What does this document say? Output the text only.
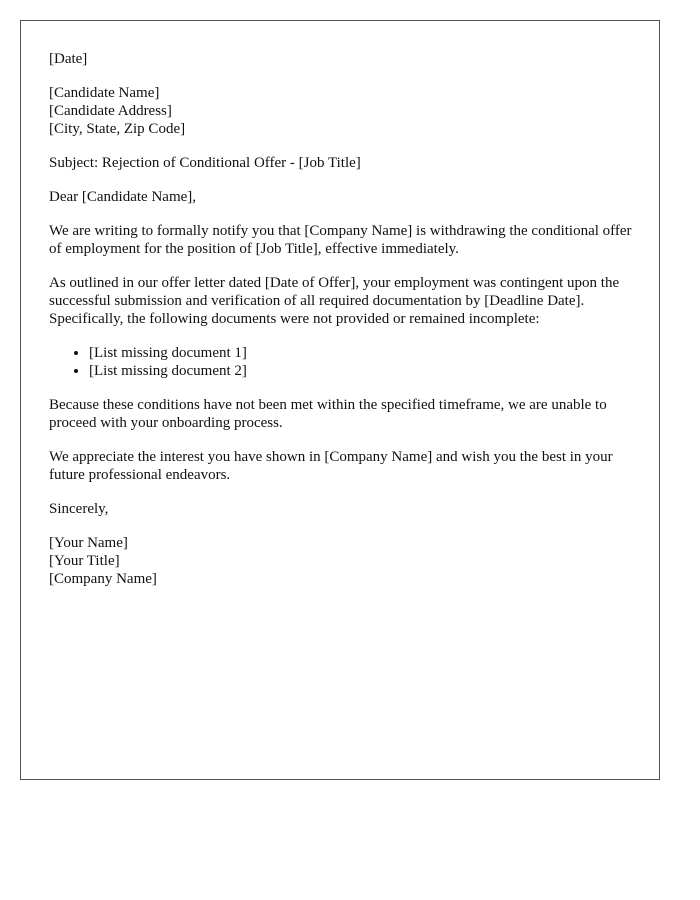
[Date]
[Candidate Name]
[Candidate Address]
[City, State, Zip Code]

Subject: Rejection of Conditional Offer - [Job Title]

Dear [Candidate Name],

We are writing to formally notify you that [Company Name] is withdrawing the conditional offer of employment for the position of [Job Title], effective immediately.

As outlined in our offer letter dated [Date of Offer], your employment was contingent upon the successful submission and verification of all required documentation by [Deadline Date]. Specifically, the following documents were not provided or remained incomplete:

• [List missing document 1]
• [List missing document 2]

Because these conditions have not been met within the specified timeframe, we are unable to proceed with your onboarding process.

We appreciate the interest you have shown in [Company Name] and wish you the best in your future professional endeavors.

Sincerely,

[Your Name]
[Your Title]
[Company Name]
